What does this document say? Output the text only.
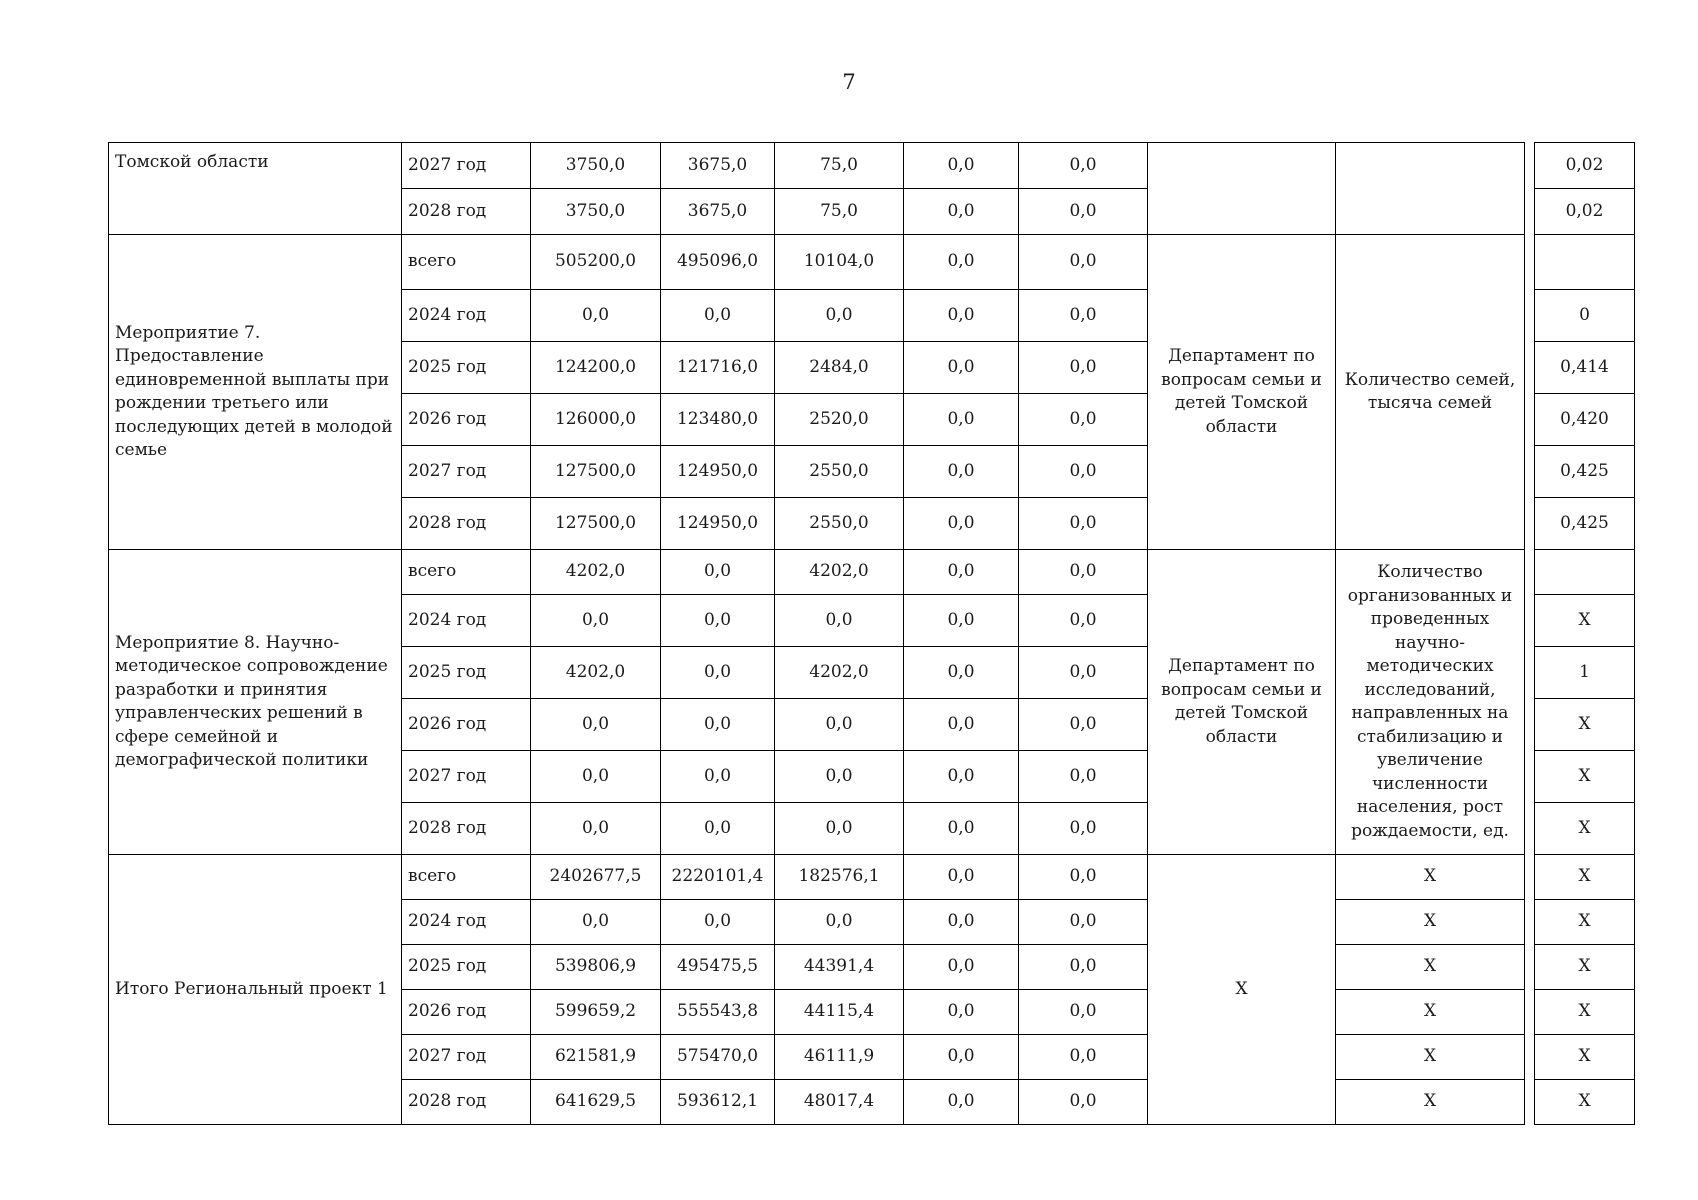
7
Томской области	2027 год	3750,0	3675,0	75,0	0,0	0,0				0,02
	2028 год	3750,0	3675,0	75,0	0,0	0,0				0,02
Мероприятие 7. Предоставление единовременной выплаты при рождении третьего или последующих детей в молодой семье	всего	505200,0	495096,0	10104,0	0,0	0,0	Департамент по вопросам семьи и детей Томской области	Количество семей, тысяча семей		
	2024 год	0,0	0,0	0,0	0,0	0,0				0
	2025 год	124200,0	121716,0	2484,0	0,0	0,0				0,414
	2026 год	126000,0	123480,0	2520,0	0,0	0,0				0,420
	2027 год	127500,0	124950,0	2550,0	0,0	0,0				0,425
	2028 год	127500,0	124950,0	2550,0	0,0	0,0				0,425
Мероприятие 8. Научно-методическое сопровождение разработки и принятия управленческих решений в сфере семейной и демографической политики	всего	4202,0	0,0	4202,0	0,0	0,0	Департамент по вопросам семьи и детей Томской области	Количество организованных и проведенных научно-методических исследований, направленных на стабилизацию и увеличение численности населения, рост рождаемости, ед.		
	2024 год	0,0	0,0	0,0	0,0	0,0				Х
	2025 год	4202,0	0,0	4202,0	0,0	0,0				1
	2026 год	0,0	0,0	0,0	0,0	0,0				Х
	2027 год	0,0	0,0	0,0	0,0	0,0				Х
	2028 год	0,0	0,0	0,0	0,0	0,0				Х
Итого Региональный проект 1	всего	2402677,5	2220101,4	182576,1	0,0	0,0	Х	Х		Х
	2024 год	0,0	0,0	0,0	0,0	0,0		Х		Х
	2025 год	539806,9	495475,5	44391,4	0,0	0,0		Х		Х
	2026 год	599659,2	555543,8	44115,4	0,0	0,0		Х		Х
	2027 год	621581,9	575470,0	46111,9	0,0	0,0		Х		Х
	2028 год	641629,5	593612,1	48017,4	0,0	0,0		Х		Х
